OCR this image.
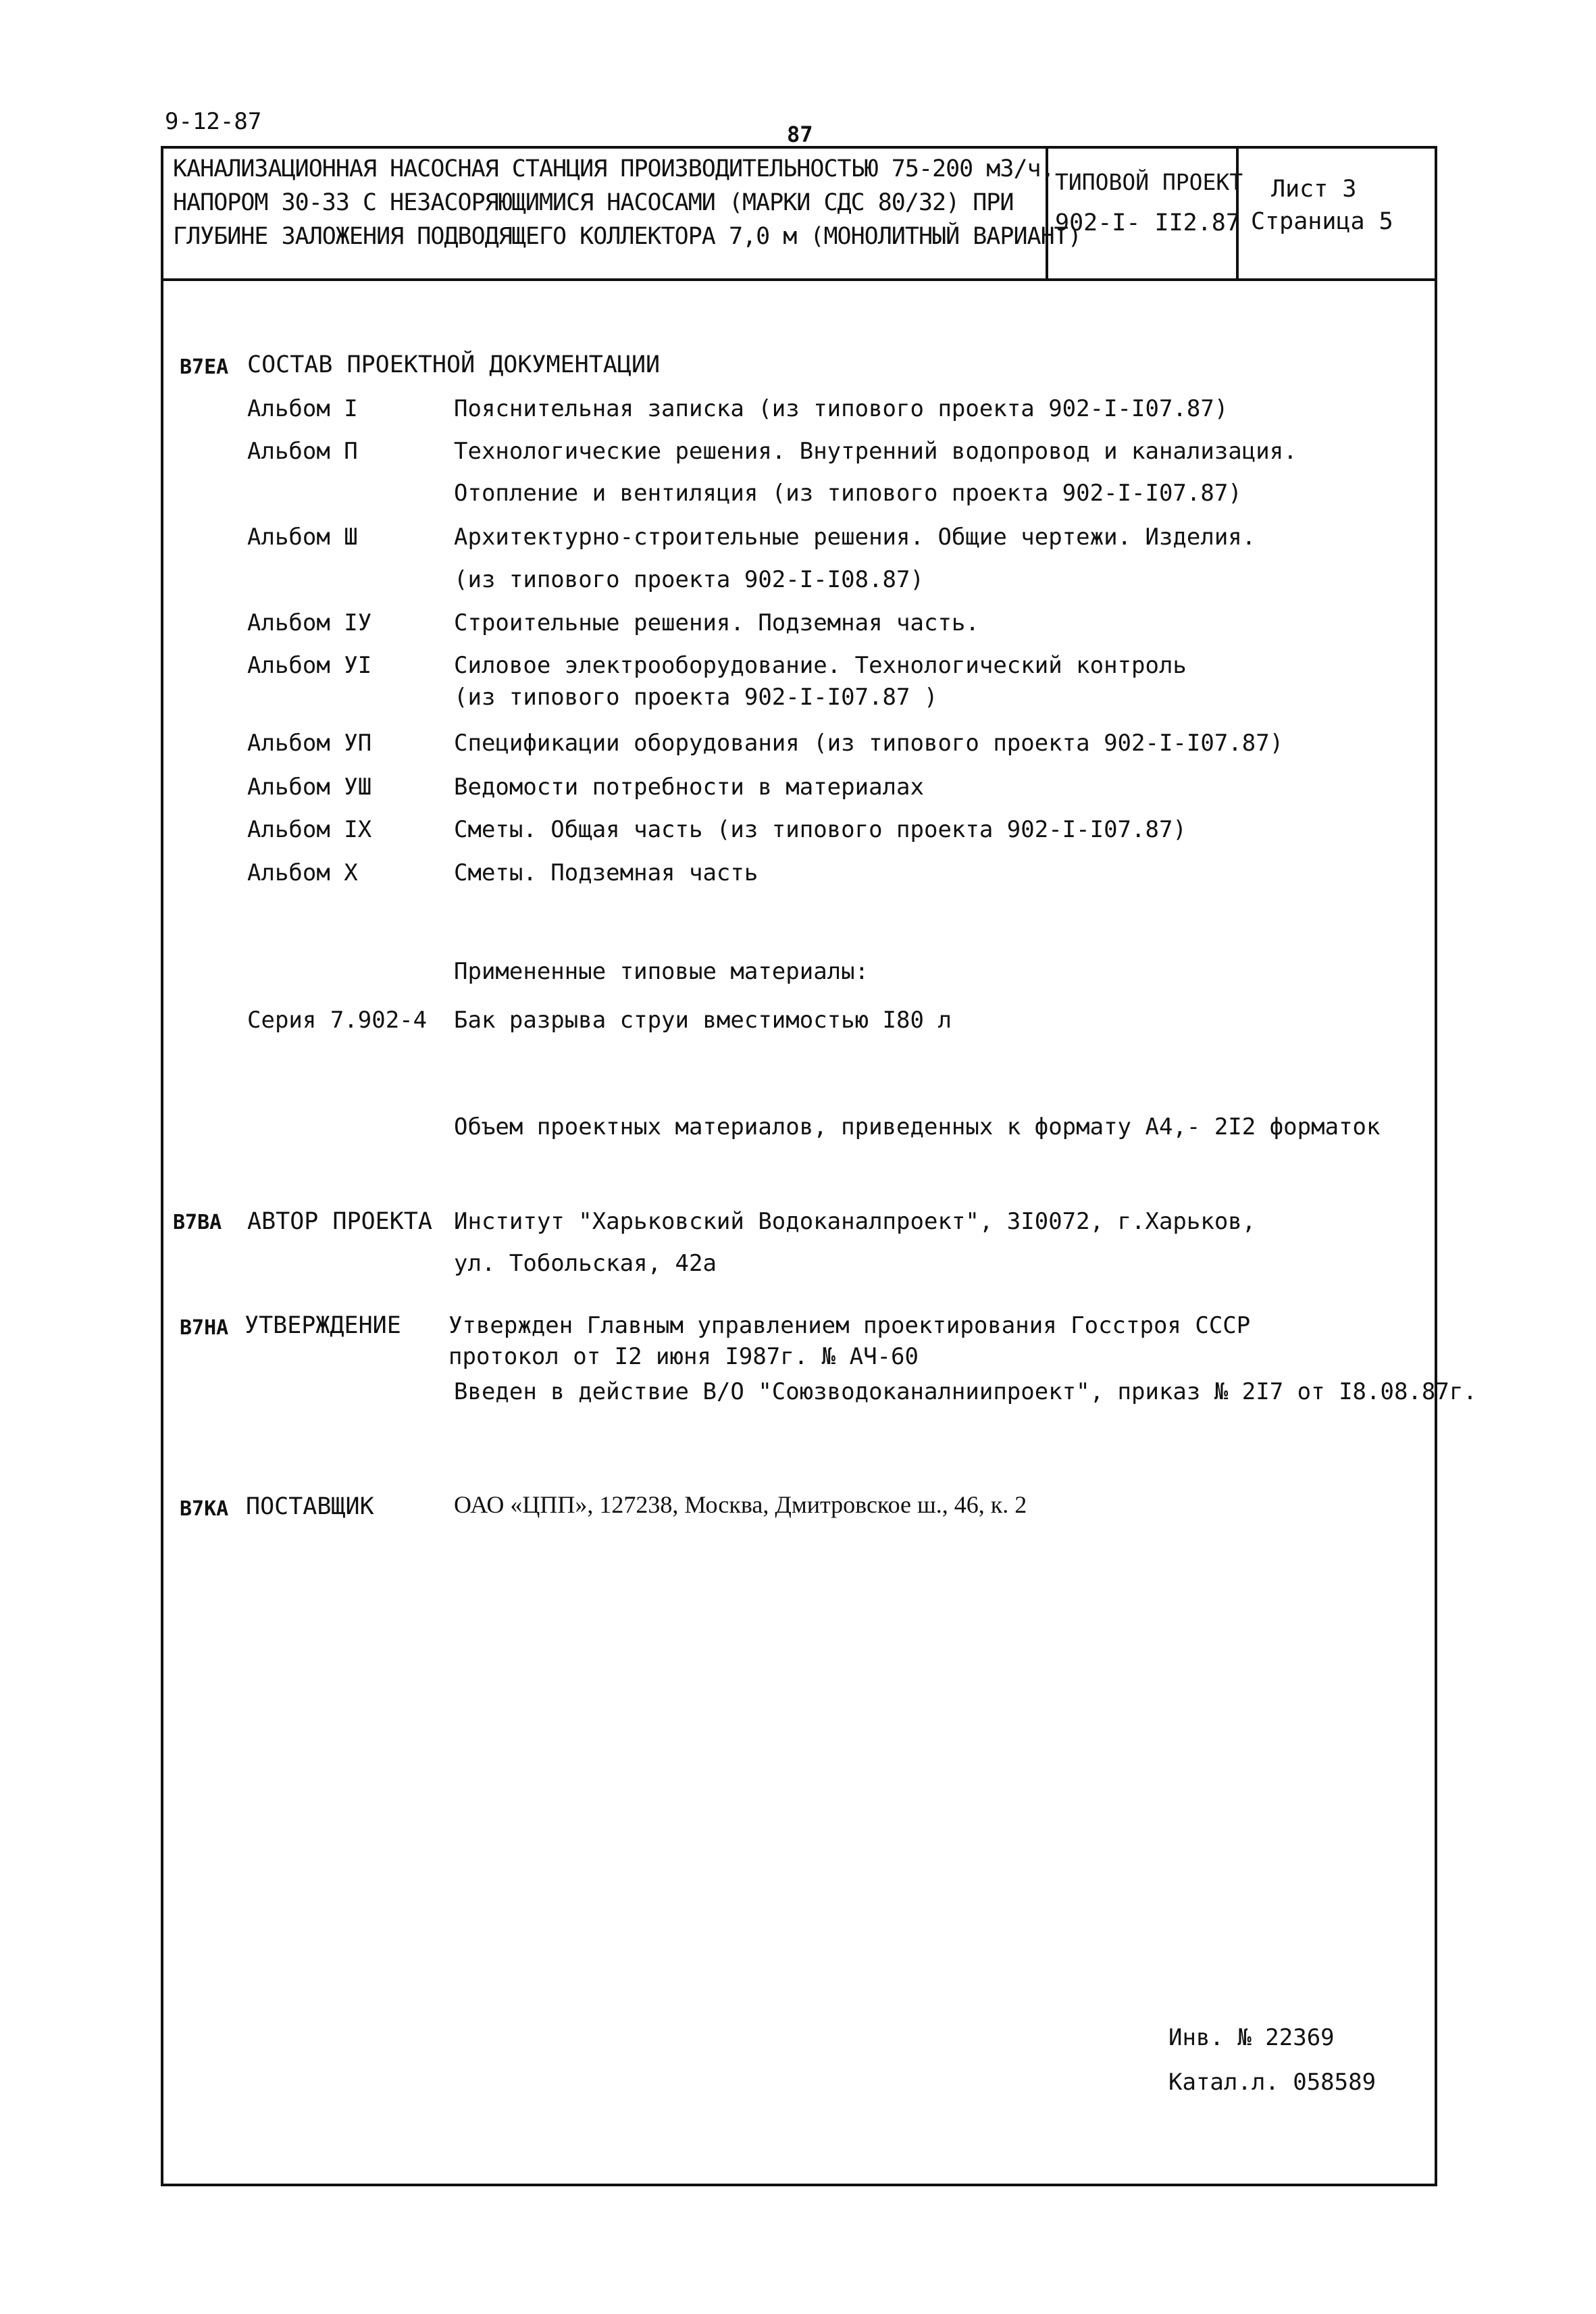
9-12-87	87
КАНАЛИЗАЦИОННАЯ НАСОСНАЯ СТАНЦИЯ ПРОИЗВОДИТЕЛЬНОСТЬЮ 75-200 м3/ч,
НАПОРОМ 30-33 С НЕЗАСОРЯЮЩИМИСЯ НАСОСАМИ (МАРКИ СДС 80/32) ПРИ
ГЛУБИНЕ ЗАЛОЖЕНИЯ ПОДВОДЯЩЕГО КОЛЛЕКТОРА 7,0 м (МОНОЛИТНЫЙ ВАРИАНТ)
ТИПОВОЙ ПРОЕКТ
902-I- II2.87
Лист 3
Страница 5
В7ЕА СОСТАВ ПРОЕКТНОЙ ДОКУМЕНТАЦИИ
Альбом I	Пояснительная записка (из типового проекта 902-I-I07.87)
Альбом П	Технологические решения. Внутренний водопровод и канализация.
Отопление и вентиляция (из типового проекта 902-I-I07.87)
Альбом Ш	Архитектурно-строительные решения. Общие чертежи. Изделия.
(из типового проекта 902-I-I08.87)
Альбом IУ	Строительные решения. Подземная часть.
Альбом УI	Силовое электрооборудование. Технологический контроль
(из типового проекта 902-I-I07.87 )
Альбом УП	Спецификации оборудования (из типового проекта 902-I-I07.87)
Альбом УШ	Ведомости потребности в материалах
Альбом IX	Сметы. Общая часть (из типового проекта 902-I-I07.87)
Альбом X	Сметы. Подземная часть
Примененные типовые материалы:
Серия 7.902-4 Бак разрыва струи вместимостью I80 л
Объем проектных материалов, приведенных к формату А4,- 2I2 форматок
В7ВА АВТОР ПРОЕКТА Институт "Харьковский Водоканалпроект", 3I0072, г.Харьков,
ул. Тобольская, 42а
В7НА УТВЕРЖДЕНИЕ Утвержден Главным управлением проектирования Госстроя СССР
протокол от I2 июня I987г. № АЧ-60
Введен в действие В/О "Союзводоканалниипроект", приказ № 2I7 от I8.08.87г.
В7КА ПОСТАВЩИК	ОАО «ЦПП», 127238, Москва, Дмитровское ш., 46, к. 2
Инв. № 22369
Катал.л. 058589
